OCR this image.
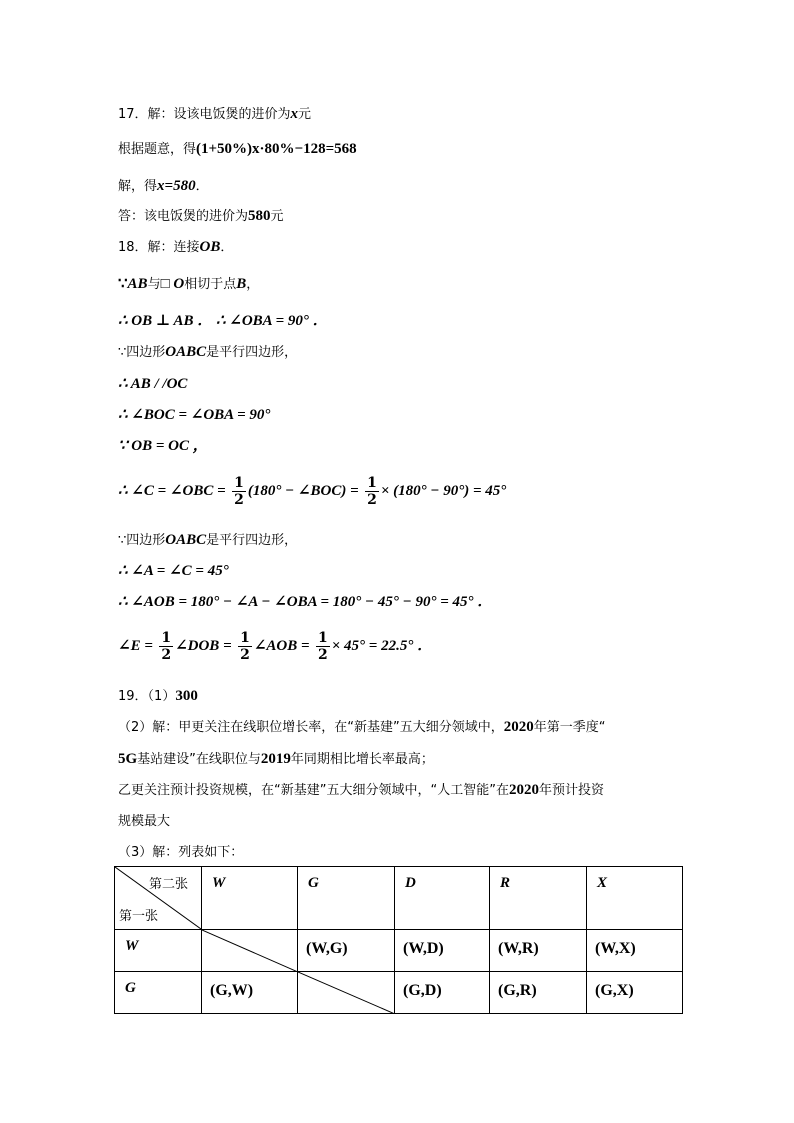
17．解：设该电饭煲的进价为x元
根据题意，得(1+50%)x·80%−128=568
解，得x=580．
答：该电饭煲的进价为580元
18．解：连接OB．
∵AB与□ O相切于点B，
∴ OB ⊥ AB ． ∴ ∠OBA = 90° ．
∵四边形OABC是平行四边形，
∴ AB / /OC
∴ ∠BOC = ∠OBA = 90°
∵ OB = OC ，
∴ ∠C = ∠OBC = $\frac{1}{2} (180^\circ$ − ∠BOC) = $\frac{1}{2} \times (180^\circ - 90^\circ) = 45^\circ$
∵四边形OABC是平行四边形，
∴ ∠A = ∠C = 45°
∴ ∠AOB = 180° − ∠A − ∠OBA = 180° − 45° − 90° = 45° ．
∠E = $\frac{1}{2}$ ∠DOB = $\frac{1}{2}$ ∠AOB = $\frac{1}{2} \times 45^\circ = 22.5^\circ$ ．
19．（1）300
（2）解：甲更关注在线职位增长率，在“新基建”五大细分领域中，2020年第一季度“
5G基站建设”在线职位与2019年同期相比增长率最高；
乙更关注预计投资规模，在“新基建”五大细分领域中，“人工智能”在2020年预计投资
规模最大
（3）解：列表如下：
第二张
第一张	W	G	D	R	X

W		(W,G)	(W,D)	(W,R)	(W,X)

G	(G,W)		(G,D)	(G,R)	(G,X)
